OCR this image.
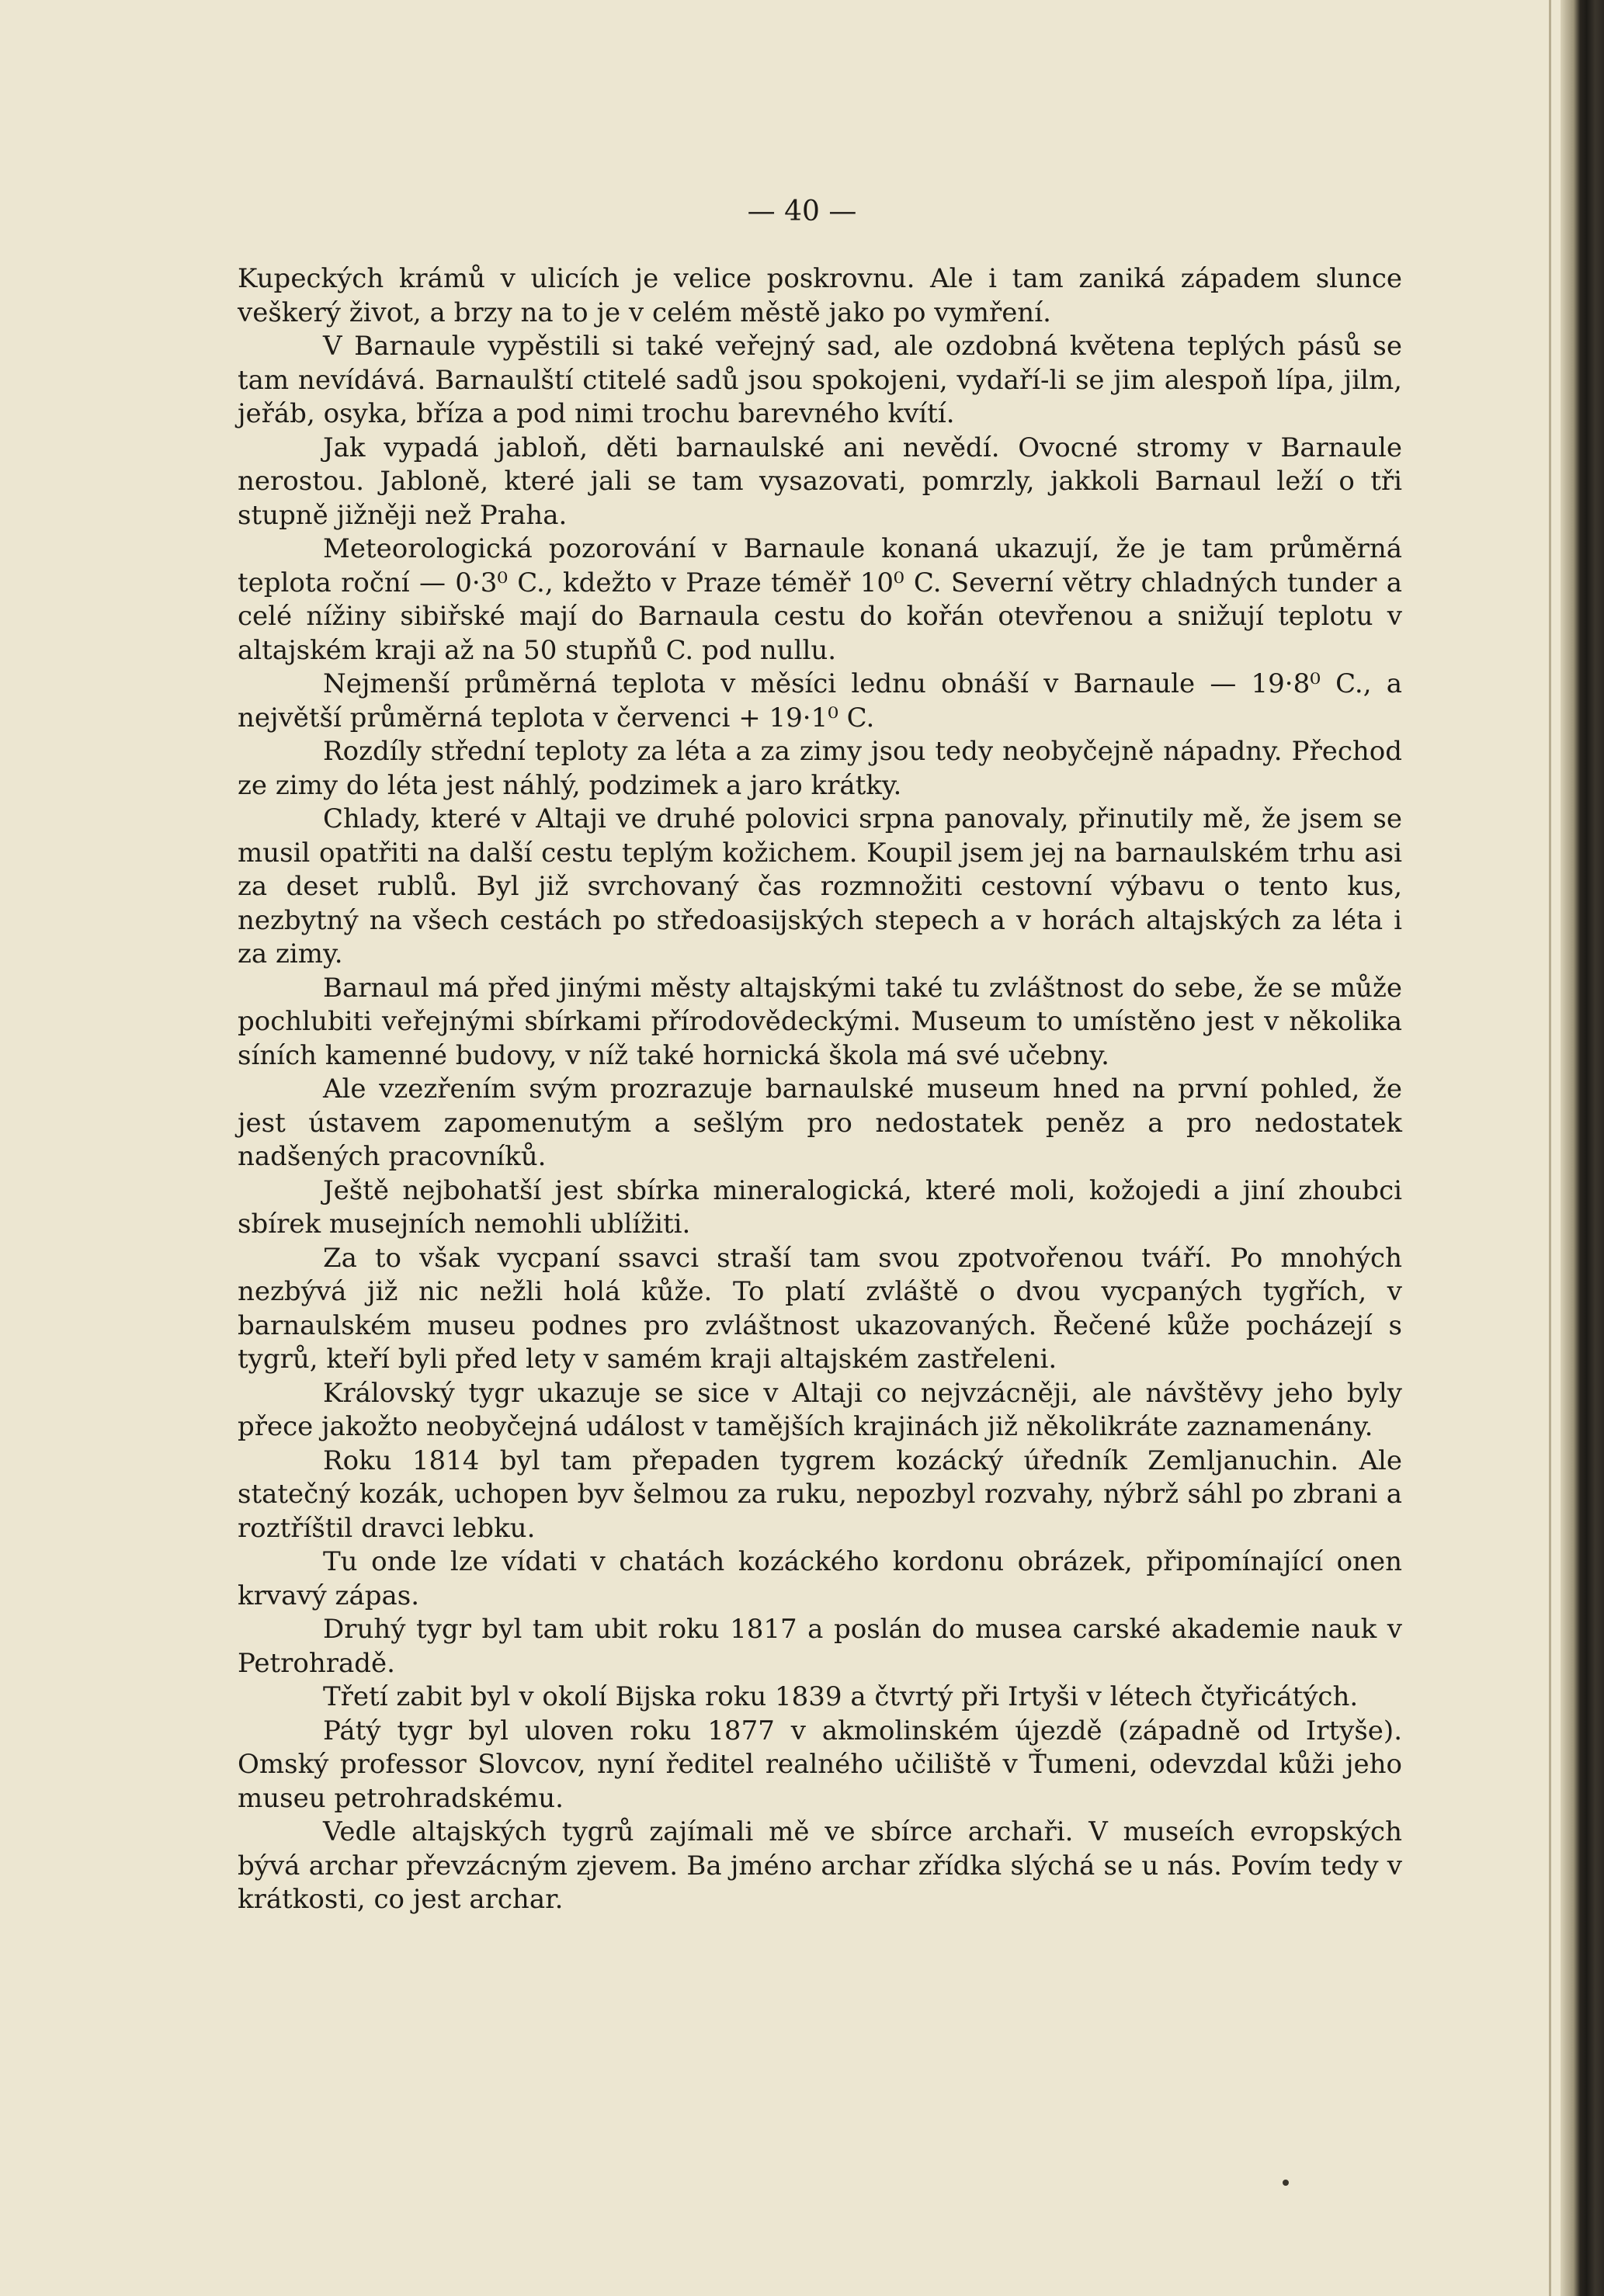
— 40 —

Kupeckých krámů v ulicích je velice poskrovnu. Ale i tam zaniká západem slunce veškerý život, a brzy na to je v celém městě jako po vymření.

V Barnaule vypěstili si také veřejný sad, ale ozdobná květena teplých pásů se tam nevídává. Barnaulští ctitelé sadů jsou spokojeni, vydaří-li se jim alespoň lípa, jilm, jeřáb, osyka, bříza a pod nimi trochu barevného kvítí.

Jak vypadá jabloň, děti barnaulské ani nevědí. Ovocné stromy v Barnaule nerostou. Jabloně, které jali se tam vysazovati, pomrzly, jakkoli Barnaul leží o tři stupně jižněji než Praha.

Meteorologická pozorování v Barnaule konaná ukazují, že je tam průměrná teplota roční — 0·3⁰ C., kdežto v Praze téměř 10⁰ C. Severní větry chladných tunder a celé nížiny sibiřské mají do Barnaula cestu do kořán otevřenou a snižují teplotu v altajském kraji až na 50 stupňů C. pod nullu.

Nejmenší průměrná teplota v měsíci lednu obnáší v Barnaule — 19·8⁰ C., a největší průměrná teplota v červenci + 19·1⁰ C.

Rozdíly střední teploty za léta a za zimy jsou tedy neobyčejně nápadny. Přechod ze zimy do léta jest náhlý, podzimek a jaro krátky.

Chlady, které v Altaji ve druhé polovici srpna panovaly, přinutily mě, že jsem se musil opatřiti na další cestu teplým kožichem. Koupil jsem jej na barnaulském trhu asi za deset rublů. Byl již svrchovaný čas rozmnožiti cestovní výbavu o tento kus, nezbytný na všech cestách po středoasijských stepech a v horách altajských za léta i za zimy.

Barnaul má před jinými městy altajskými také tu zvláštnost do sebe, že se může pochlubiti veřejnými sbírkami přírodovědeckými. Museum to umístěno jest v několika síních kamenné budovy, v níž také hornická škola má své učebny.

Ale vzezřením svým prozrazuje barnaulské museum hned na první pohled, že jest ústavem zapomenutým a sešlým pro nedostatek peněz a pro nedostatek nadšených pracovníků.

Ještě nejbohatší jest sbírka mineralogická, které moli, kožojedi a jiní zhoubci sbírek musejních nemohli ublížiti.

Za to však vycpaní ssavci straší tam svou zpotvořenou tváří. Po mnohých nezbývá již nic nežli holá kůže. To platí zvláště o dvou vycpaných tygřích, v barnaulském museu podnes pro zvláštnost ukazovaných. Řečené kůže pocházejí s tygrů, kteří byli před lety v samém kraji altajském zastřeleni.

Královský tygr ukazuje se sice v Altaji co nejvzácněji, ale návštěvy jeho byly přece jakožto neobyčejná událost v tamějších krajinách již několikráte zaznamenány.

Roku 1814 byl tam přepaden tygrem kozácký úředník Zemljanuchin. Ale statečný kozák, uchopen byv šelmou za ruku, nepozbyl rozvahy, nýbrž sáhl po zbrani a roztříštil dravci lebku.

Tu onde lze vídati v chatách kozáckého kordonu obrázek, připomínající onen krvavý zápas.

Druhý tygr byl tam ubit roku 1817 a poslán do musea carské akademie nauk v Petrohradě.

Třetí zabit byl v okolí Bijska roku 1839 a čtvrtý při Irtyši v létech čtyřicátých.

Pátý tygr byl uloven roku 1877 v akmolinském újezdě (západně od Irtyše). Omský professor Slovcov, nyní ředitel realného učiliště v Ťumeni, odevzdal kůži jeho museu petrohradskému.

Vedle altajských tygrů zajímali mě ve sbírce archaři. V museích evropských bývá archar převzácným zjevem. Ba jméno archar zřídka slýchá se u nás. Povím tedy v krátkosti, co jest archar.
